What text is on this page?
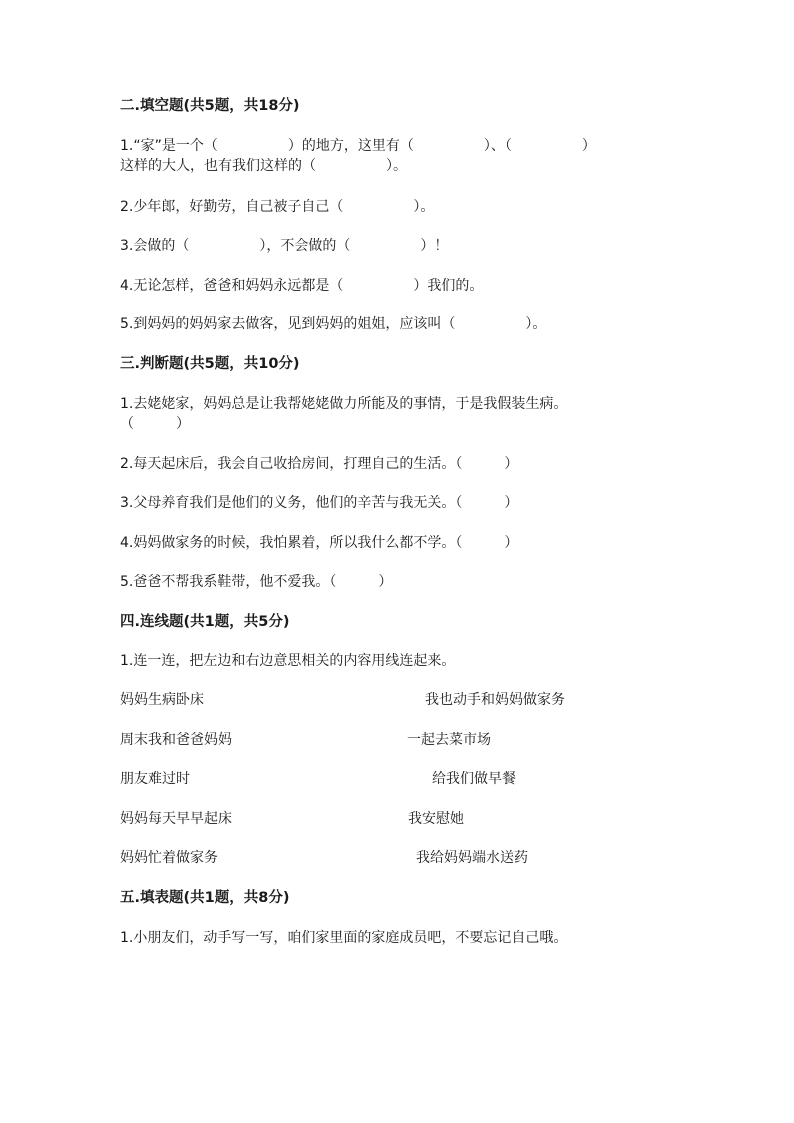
二.填空题(共5题，共18分)
1.“家”是一个（　　　　　）的地方，这里有（　　　　　）、（　　　　　）
这样的大人，也有我们这样的（　　　　　）。
2.少年郎，好勤劳，自己被子自己（　　　　　）。
3.会做的（　　　　　），不会做的（　　　　　）！
4.无论怎样，爸爸和妈妈永远都是（　　　　　）我们的。
5.到妈妈的妈妈家去做客，见到妈妈的姐姐，应该叫（　　　　　）。
三.判断题(共5题，共10分)
1.去姥姥家，妈妈总是让我帮姥姥做力所能及的事情，于是我假装生病。
（　　　）
2.每天起床后，我会自己收拾房间，打理自己的生活。（　　　）
3.父母养育我们是他们的义务，他们的辛苦与我无关。（　　　）
4.妈妈做家务的时候，我怕累着，所以我什么都不学。（　　　）
5.爸爸不帮我系鞋带，他不爱我。（　　　）
四.连线题(共1题，共5分)
1.连一连，把左边和右边意思相关的内容用线连起来。
妈妈生病卧床
周末我和爸爸妈妈
朋友难过时
妈妈每天早早起床
妈妈忙着做家务
我也动手和妈妈做家务
一起去菜市场
给我们做早餐
我安慰她
我给妈妈端水送药
五.填表题(共1题，共8分)
1.小朋友们，动手写一写，咱们家里面的家庭成员吧，不要忘记自己哦。
